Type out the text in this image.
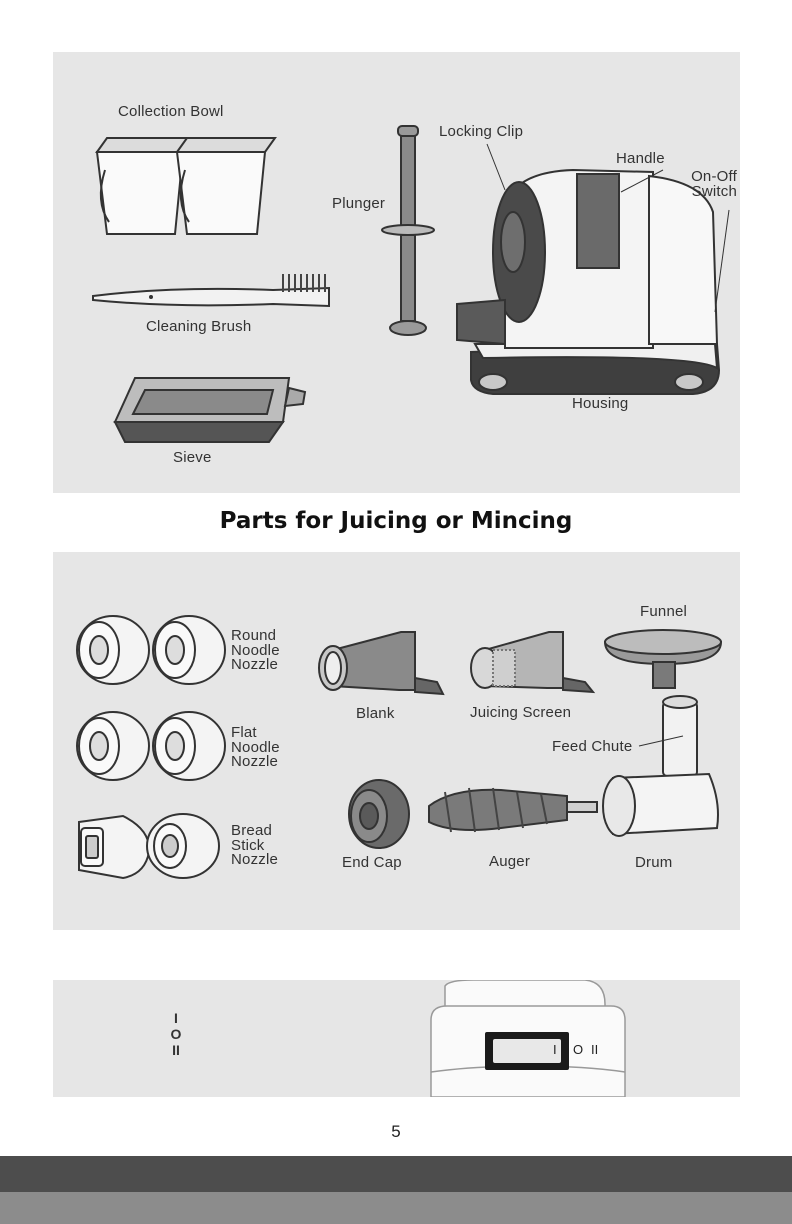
Collection Bowl
Cleaning Brush
Sieve
Plunger
Locking Clip
Handle
On-Off Switch
Housing
Parts for Juicing or Mincing
Round Noodle Nozzle
Flat Noodle Nozzle
Bread Stick Nozzle
Blank	Juicing Screen
Funnel
Feed Chute
End Cap	Auger	Drum
I
O
II	I O II
5
